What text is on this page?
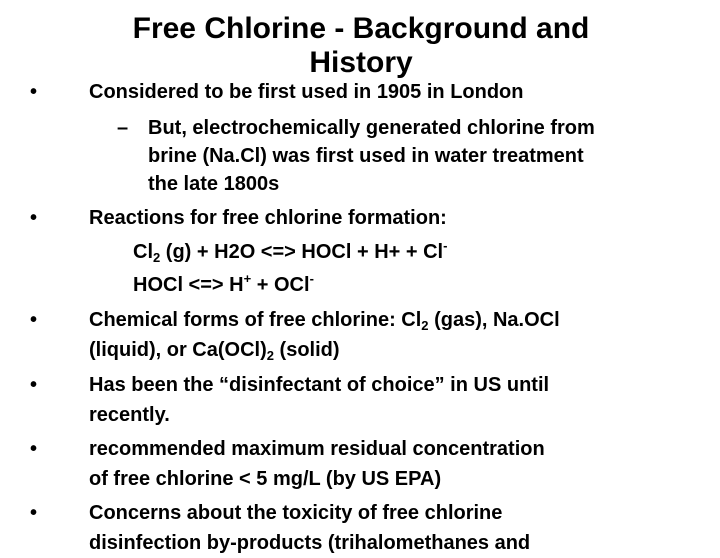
Free Chlorine - Background and
History
•	Considered to be first used in 1905 in London
– But, electrochemically generated chlorine from
brine (Na.Cl) was first used in water treatment
the late 1800s
•	Reactions for free chlorine formation:
$Cl_2$ (g) + H2O <=> HOCl + H+ + Cl-
HOCl <=> H+ + OCl-
•	Chemical forms of free chlorine: $Cl_2$ (gas), Na.OCl
(liquid), or $Ca(OCl)_2$ (solid)
•	Has been the “disinfectant of choice” in US until
recently.
•	recommended maximum residual concentration
of free chlorine < 5 mg/L (by US EPA)
•	Concerns about the toxicity of free chlorine
disinfection by-products (trihalomethanes and
